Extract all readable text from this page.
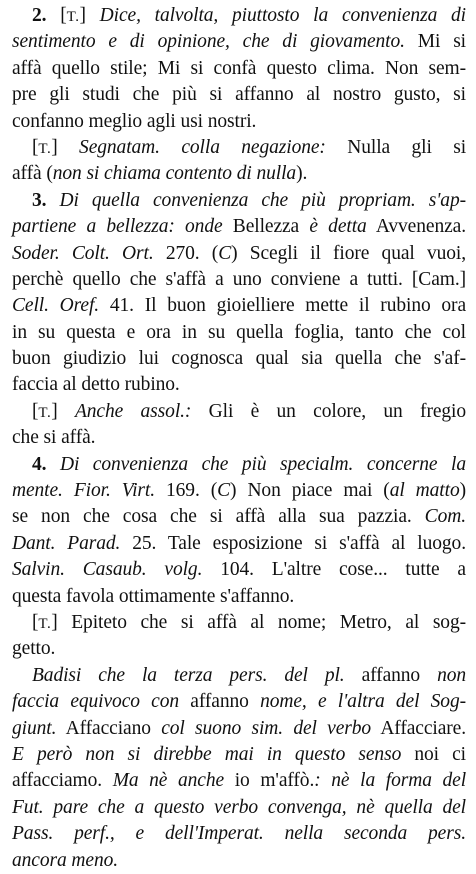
2. [T.] Dice, talvolta, piuttosto la convenienza di
sentimento e di opinione, che di giovamento. Mi si
affà quello stile; Mi si confà questo clima. Non sem-
pre gli studi che più si affanno al nostro gusto, si
confanno meglio agli usi nostri.
[T.] Segnatam. colla negazione: Nulla gli si
affà (non si chiama contento di nulla).
3. Di quella convenienza che più propriam. s'ap-
partiene a bellezza: onde Bellezza è detta Avvenenza.
Soder. Colt. Ort. 270. (C) Scegli il fiore qual vuoi,
perchè quello che s'affà a uno conviene a tutti. [Cam.]
Cell. Oref. 41. Il buon gioielliere mette il rubino ora
in su questa e ora in su quella foglia, tanto che col
buon giudizio lui cognosca qual sia quella che s'af-
faccia al detto rubino.
[T.] Anche assol.: Gli è un colore, un fregio
che si affà.
4. Di convenienza che più specialm. concerne la
mente. Fior. Virt. 169. (C) Non piace mai (al matto)
se non che cosa che si affà alla sua pazzia. Com.
Dant. Parad. 25. Tale esposizione si s'affà al luogo.
Salvin. Casaub. volg. 104. L'altre cose... tutte a
questa favola ottimamente s'affanno.
[T.] Epiteto che si affà al nome; Metro, al sog-
getto.
Badisi che la terza pers. del pl. affanno non
faccia equivoco con affanno nome, e l'altra del Sog-
giunt. Affacciano col suono sim. del verbo Affacciare.
E però non si direbbe mai in questo senso noi ci
affacciamo. Ma nè anche io m'affò.: nè la forma del
Fut. pare che a questo verbo convenga, nè quella del
Pass. perf., e dell'Imperat. nella seconda pers.
ancora meno.
